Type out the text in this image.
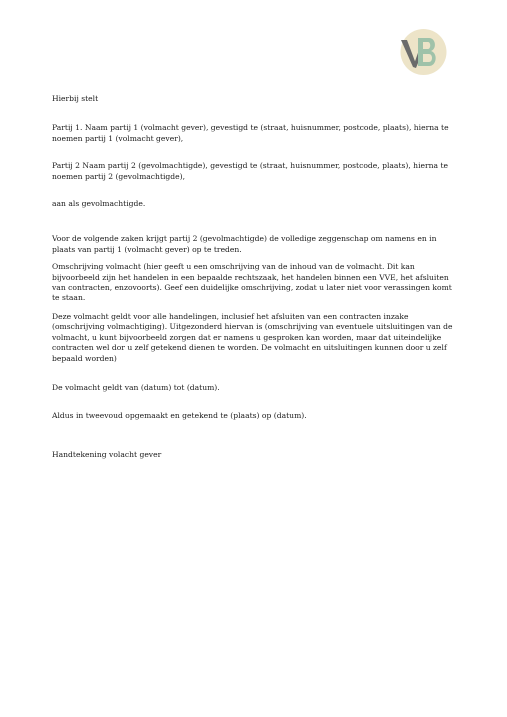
Hierbij stelt

Partij 1. Naam partij 1 (volmacht gever), gevestigd te (straat, huisnummer, postcode, plaats), hierna te noemen partij 1 (volmacht gever),

Partij 2 Naam partij 2 (gevolmachtigde), gevestigd te (straat, huisnummer, postcode, plaats), hierna te noemen partij 2 (gevolmachtigde),

aan als gevolmachtigde.

Voor de volgende zaken krijgt partij 2 (gevolmachtigde) de volledige zeggenschap om namens en in plaats van partij 1 (volmacht gever) op te treden.

Omschrijving volmacht (hier geeft u een omschrijving van de inhoud van de volmacht. Dit kan bijvoorbeeld zijn het handelen in een bepaalde rechtszaak, het handelen binnen een VVE, het afsluiten van contracten, enzovoorts). Geef een duidelijke omschrijving, zodat u later niet voor verassingen komt te staan.

Deze volmacht geldt voor alle handelingen, inclusief het afsluiten van een contracten inzake (omschrijving volmachtiging). Uitgezonderd hiervan is (omschrijving van eventuele uitsluitingen van de volmacht, u kunt bijvoorbeeld zorgen dat er namens u gesproken kan worden, maar dat uiteindelijke contracten wel dor u zelf getekend dienen te worden. De volmacht en uitsluitingen kunnen door u zelf bepaald worden)

De volmacht geldt van (datum) tot (datum).

Aldus in tweevoud opgemaakt en getekend te (plaats) op (datum).

Handtekening volacht gever
